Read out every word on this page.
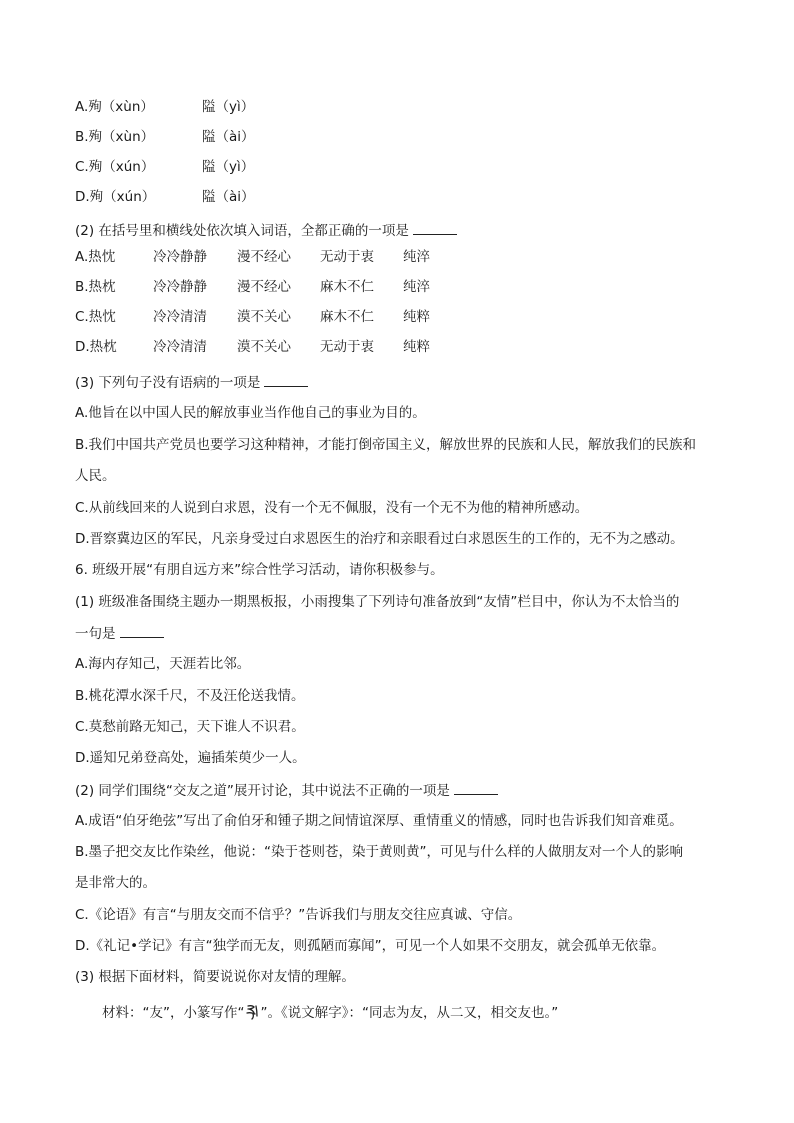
A.殉（xùn）	隘（yì）
B.殉（xùn）	隘（ài）
C.殉（xún）	隘（yì）
D.殉（xún）	隘（ài）
(2) 在括号里和横线处依次填入词语，全都正确的一项是
A.热忱	冷冷静静 漫不经心 无动于衷 纯淬
B.热枕	冷冷静静 漫不经心 麻木不仁 纯淬
C.热忱	冷冷清清 漠不关心 麻木不仁 纯粹
D.热枕	冷冷清清 漠不关心 无动于衷 纯粹
(3) 下列句子没有语病的一项是
A.他旨在以中国人民的解放事业当作他自己的事业为目的。
B.我们中国共产党员也要学习这种精神，才能打倒帝国主义，解放世界的民族和人民，解放我们的民族和
人民。
C.从前线回来的人说到白求恩，没有一个无不佩服，没有一个无不为他的精神所感动。
D.晋察冀边区的军民，凡亲身受过白求恩医生的治疗和亲眼看过白求恩医生的工作的，无不为之感动。
6. 班级开展“有朋自远方来”综合性学习活动，请你积极参与。
(1) 班级准备围绕主题办一期黑板报，小雨搜集了下列诗句准备放到“友情”栏目中，你认为不太恰当的
一句是
A.海内存知己，天涯若比邻。
B.桃花潭水深千尺，不及汪伦送我情。
C.莫愁前路无知己，天下谁人不识君。
D.遥知兄弟登高处，遍插茱萸少一人。
(2) 同学们围绕“交友之道”展开讨论，其中说法不正确的一项是
A.成语“伯牙绝弦”写出了俞伯牙和锺子期之间情谊深厚、重情重义的情感，同时也告诉我们知音难觅。
B.墨子把交友比作染丝，他说：“染于苍则苍，染于黄则黄”，可见与什么样的人做朋友对一个人的影响
是非常大的。
C.《论语》有言“与朋友交而不信乎？”告诉我们与朋友交往应真诚、守信。
D.《礼记•学记》有言“独学而无友，则孤陋而寡闻”，可见一个人如果不交朋友，就会孤单无依靠。
(3) 根据下面材料，简要说说你对友情的理解。
材料：“友”，小篆写作“ ”。《说文解字》：“同志为友，从二又，相交友也。”
